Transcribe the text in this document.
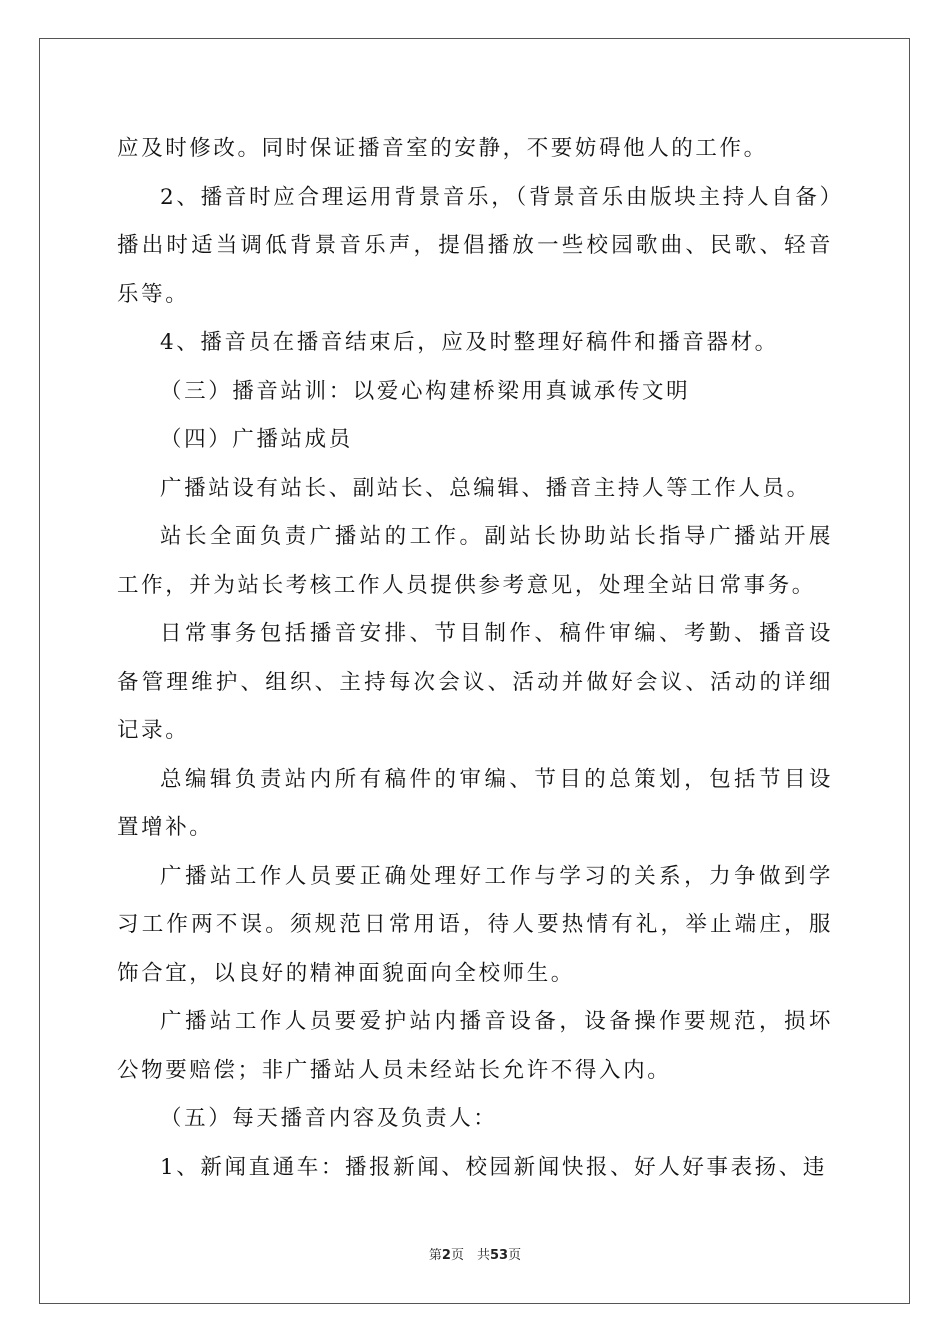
应及时修改。同时保证播音室的安静，不要妨碍他人的工作。

2、播音时应合理运用背景音乐，（背景音乐由版块主持人自备）播出时适当调低背景音乐声，提倡播放一些校园歌曲、民歌、轻音乐等。

4、播音员在播音结束后，应及时整理好稿件和播音器材。

（三）播音站训：以爱心构建桥梁用真诚承传文明

（四）广播站成员

广播站设有站长、副站长、总编辑、播音主持人等工作人员。

站长全面负责广播站的工作。副站长协助站长指导广播站开展工作，并为站长考核工作人员提供参考意见，处理全站日常事务。

日常事务包括播音安排、节目制作、稿件审编、考勤、播音设备管理维护、组织、主持每次会议、活动并做好会议、活动的详细记录。

总编辑负责站内所有稿件的审编、节目的总策划，包括节目设置增补。

广播站工作人员要正确处理好工作与学习的关系，力争做到学习工作两不误。须规范日常用语，待人要热情有礼，举止端庄，服饰合宜，以良好的精神面貌面向全校师生。

广播站工作人员要爱护站内播音设备，设备操作要规范，损坏公物要赔偿；非广播站人员未经站长允许不得入内。

（五）每天播音内容及负责人：

1、新闻直通车：播报新闻、校园新闻快报、好人好事表扬、违

第2页　共53页
